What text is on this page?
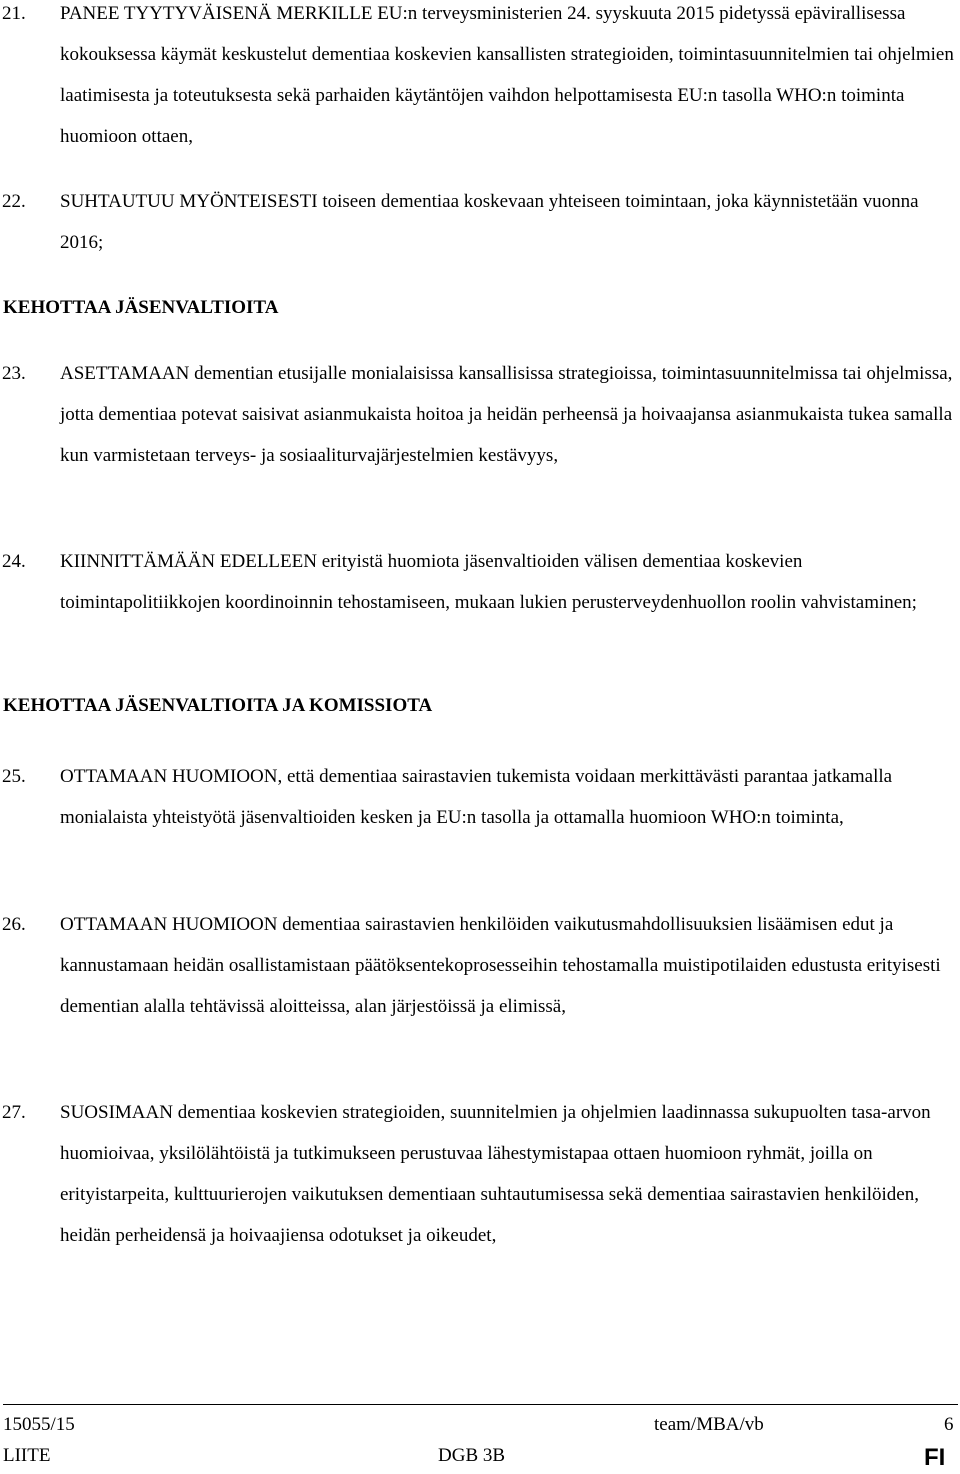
21. PANEE TYYTYVÄISENÄ MERKILLE EU:n terveysministerien 24. syyskuuta 2015 pidetyssä epävirallisessa kokouksessa käymät keskustelut dementiaa koskevien kansallisten strategioiden, toimintasuunnitelmien tai ohjelmien laatimisesta ja toteutuksesta sekä parhaiden käytäntöjen vaihdon helpottamisesta EU:n tasolla WHO:n toiminta huomioon ottaen,
22. SUHTAUTUU MYÖNTEISESTI toiseen dementiaa koskevaan yhteiseen toimintaan, joka käynnistetään vuonna 2016;
KEHOTTAA JÄSENVALTIOITA
23. ASETTAMAAN dementian etusijalle monialaisissa kansallisissa strategioissa, toimintasuunnitelmissa tai ohjelmissa, jotta dementiaa potevat saisivat asianmukaista hoitoa ja heidän perheensä ja hoivaajansa asianmukaista tukea samalla kun varmistetaan terveys- ja sosiaaliturvajärjestelmien kestävyys,
24. KIINNITTÄMÄÄN EDELLEEN erityistä huomiota jäsenvaltioiden välisen dementiaa koskevien toimintapolitiikkojen koordinoinnin tehostamiseen, mukaan lukien perusterveydenhuollon roolin vahvistaminen;
KEHOTTAA JÄSENVALTIOITA JA KOMISSIOTA
25. OTTAMAAN HUOMIOON, että dementiaa sairastavien tukemista voidaan merkittävästi parantaa jatkamalla monialaista yhteistyötä jäsenvaltioiden kesken ja EU:n tasolla ja ottamalla huomioon WHO:n toiminta,
26. OTTAMAAN HUOMIOON dementiaa sairastavien henkilöiden vaikutusmahdollisuuksien lisäämisen edut ja kannustamaan heidän osallistamistaan päätöksentekoprosesseihin tehostamalla muistipotilaiden edustusta erityisesti dementian alalla tehtävissä aloitteissa, alan järjestöissä ja elimissä,
27. SUOSIMAAN dementiaa koskevien strategioiden, suunnitelmien ja ohjelmien laadinnassa sukupuolten tasa-arvon huomioivaa, yksilölähtöistä ja tutkimukseen perustuvaa lähestymistapaa ottaen huomioon ryhmät, joilla on erityistarpeita, kulttuurierojen vaikutuksen dementiaan suhtautumisessa sekä dementiaa sairastavien henkilöiden, heidän perheidensä ja hoivaajiensa odotukset ja oikeudet,
15055/15	team/MBA/vb	6
LIITE	DGB 3B	FI
